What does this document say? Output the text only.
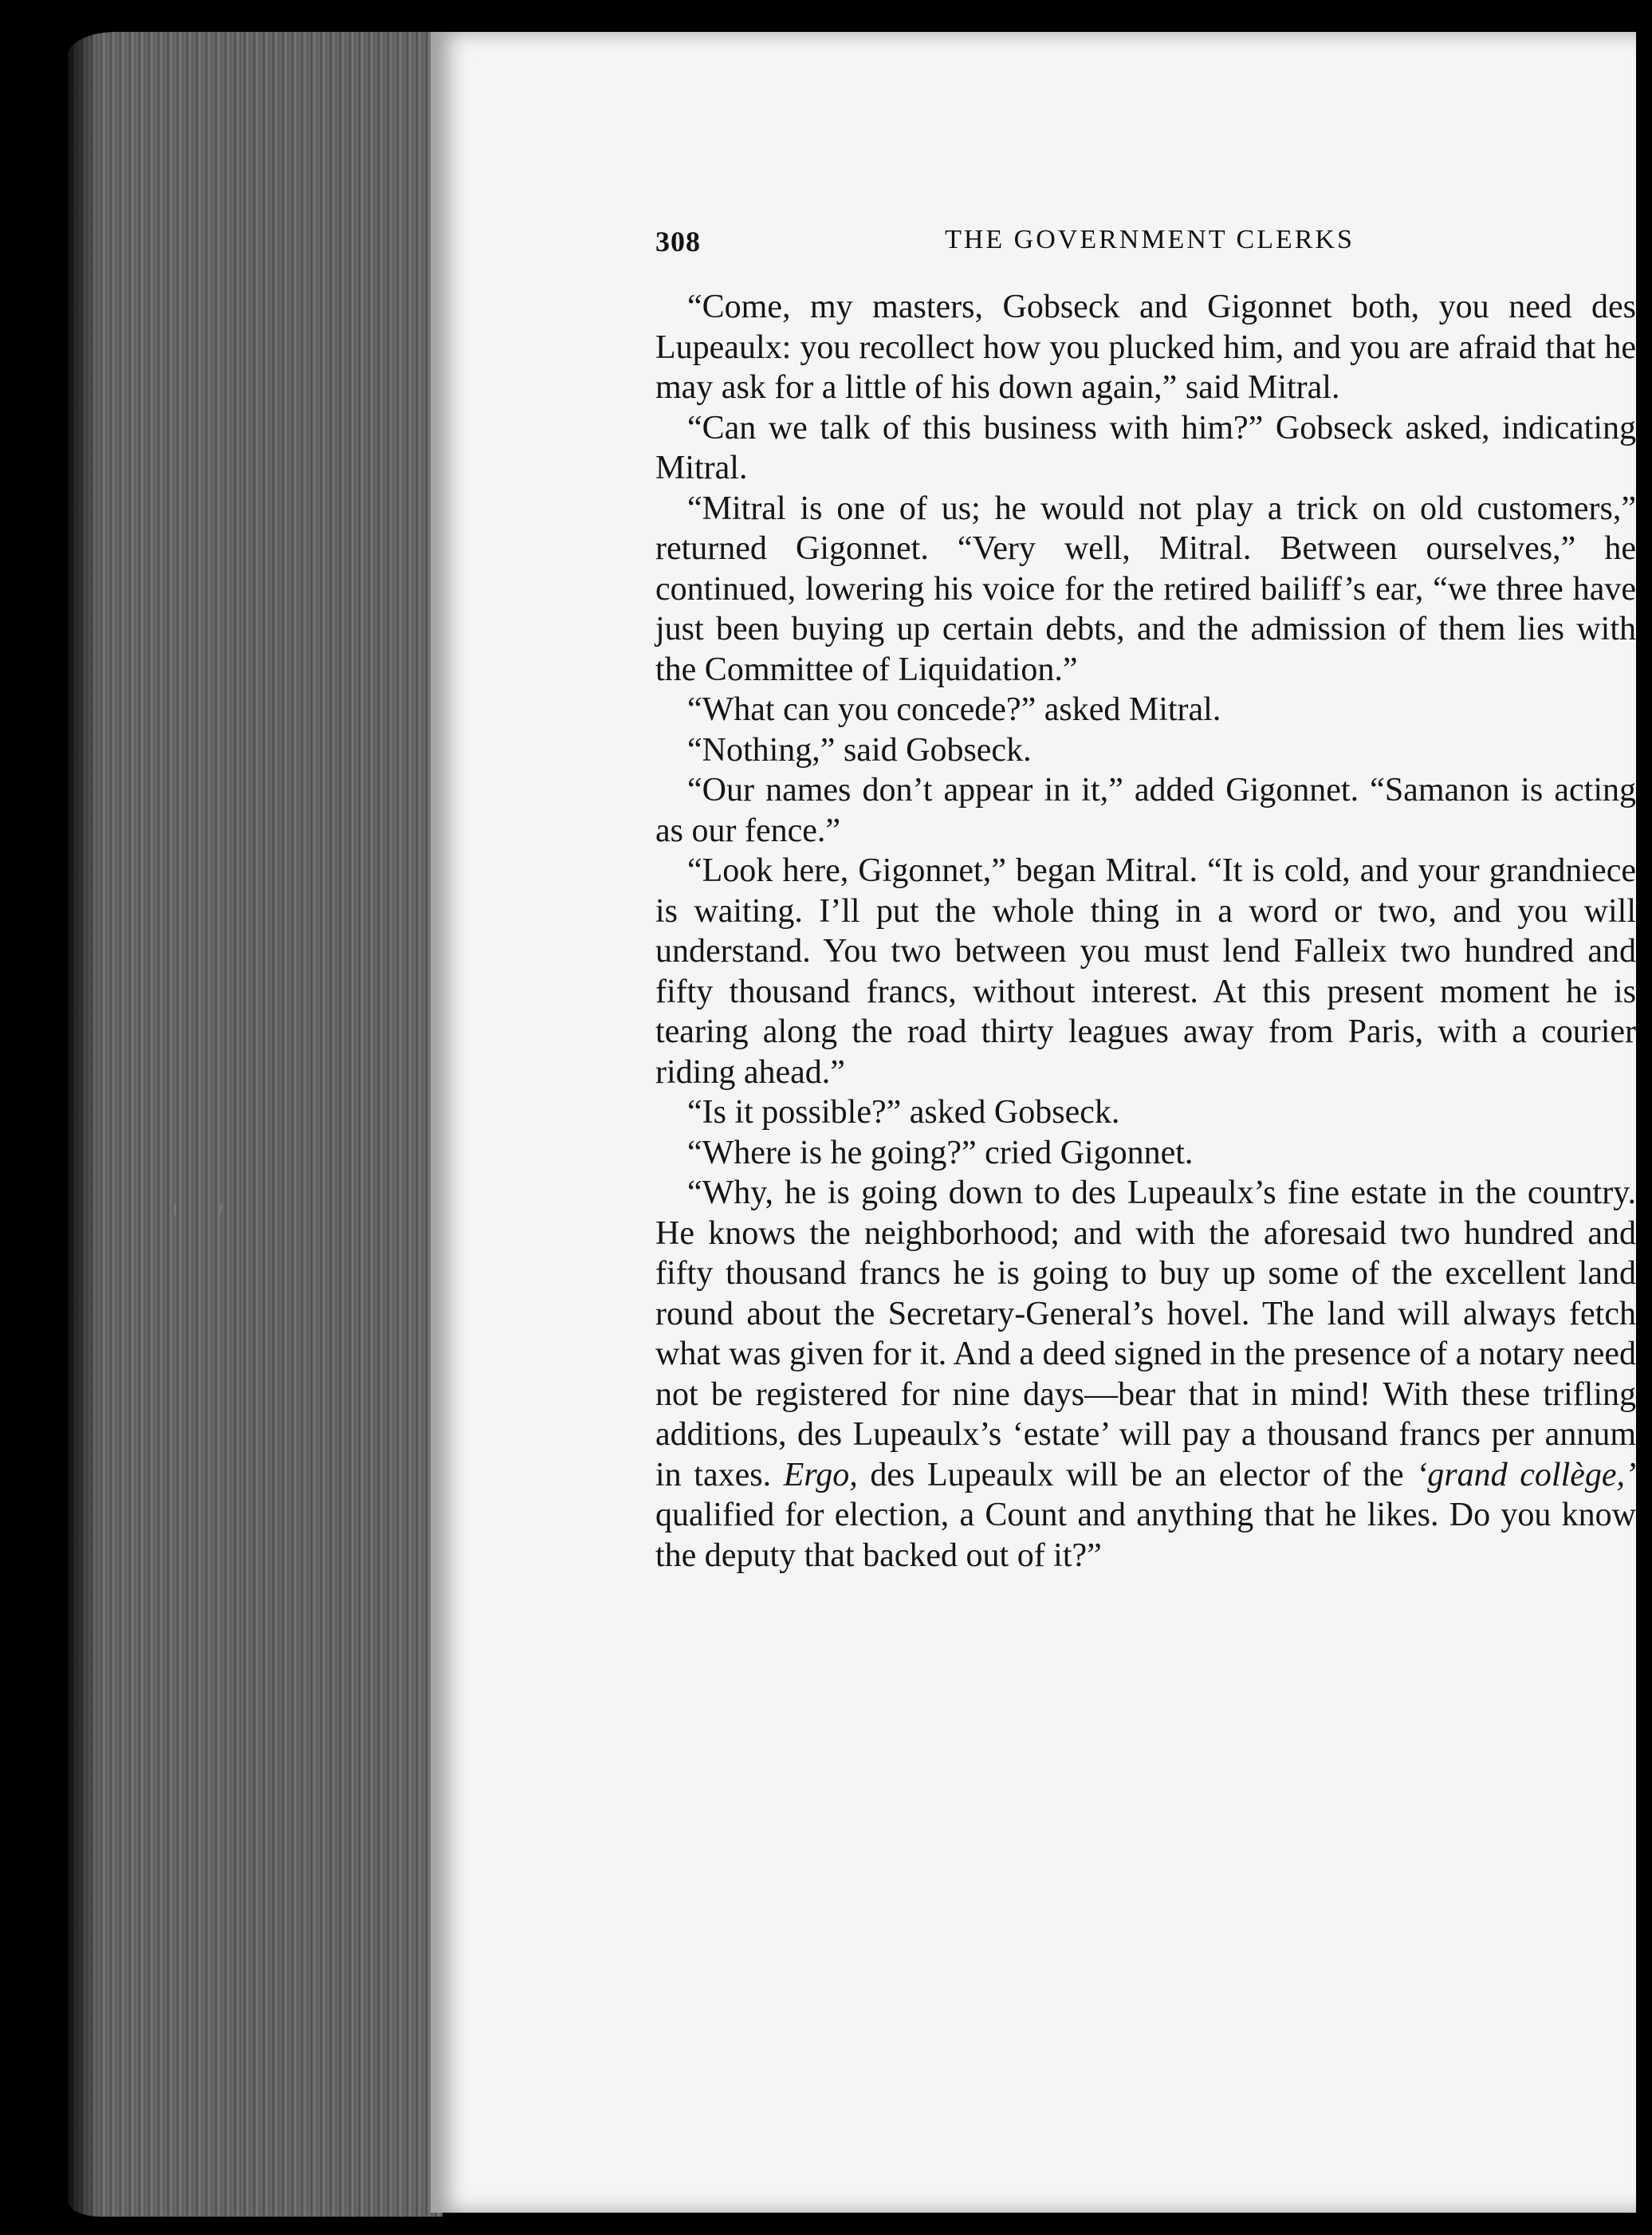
308	THE GOVERNMENT CLERKS

“Come, my masters, Gobseck and Gigonnet both, you need des Lupeaulx: you recollect how you plucked him, and you are afraid that he may ask for a little of his down again,” said Mitral.

“Can we talk of this business with him?” Gobseck asked, indicating Mitral.

“Mitral is one of us; he would not play a trick on old customers,” returned Gigonnet. “Very well, Mitral. Between ourselves,” he continued, lowering his voice for the retired bailiff’s ear, “we three have just been buying up certain debts, and the admission of them lies with the Committee of Liquidation.”

“What can you concede?” asked Mitral.

“Nothing,” said Gobseck.

“Our names don’t appear in it,” added Gigonnet. “Samanon is acting as our fence.”

“Look here, Gigonnet,” began Mitral. “It is cold, and your grandniece is waiting. I’ll put the whole thing in a word or two, and you will understand. You two between you must lend Falleix two hundred and fifty thousand francs, without interest. At this present moment he is tearing along the road thirty leagues away from Paris, with a courier riding ahead.”

“Is it possible?” asked Gobseck.

“Where is he going?” cried Gigonnet.

“Why, he is going down to des Lupeaulx’s fine estate in the country. He knows the neighborhood; and with the aforesaid two hundred and fifty thousand francs he is going to buy up some of the excellent land round about the Secretary-General’s hovel. The land will always fetch what was given for it. And a deed signed in the presence of a notary need not be registered for nine days—bear that in mind! With these trifling additions, des Lupeaulx’s ‘estate’ will pay a thousand francs per annum in taxes. Ergo, des Lupeaulx will be an elector of the ‘grand collège,’ qualified for election, a Count and anything that he likes. Do you know the deputy that backed out of it?”
